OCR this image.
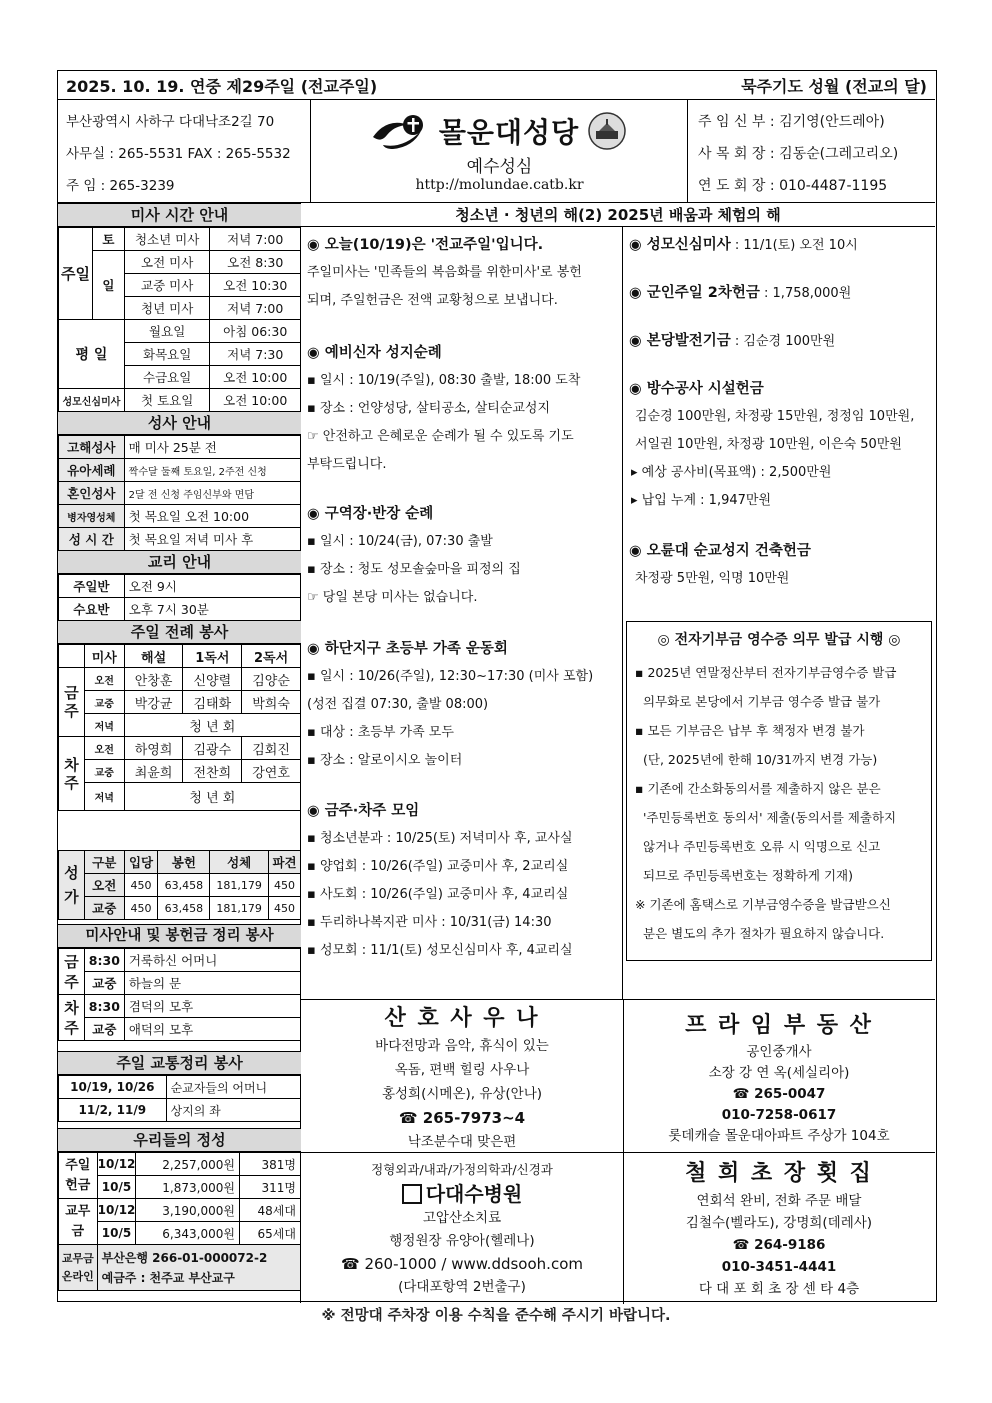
2025. 10. 19. 연중 제29주일 (전교주일)	묵주기도 성월 (전교의 달)
부산광역시 사하구 다대낙조2길 70
사무실 : 265-5531 FAX : 265-5532
주 임 : 265-3239
몰운대성당
예수성심
http://molundae.catb.kr
주 임 신 부 : 김기영(안드레아)
사 목 회 장 : 김동순(그레고리오)
연 도 회 장 : 010-4487-1195
미사 시간 안내
주일	토	청소년 미사	저녁 7:00
	일	오전 미사	오전 8:30
		교중 미사	오전 10:30
		청년 미사	저녁 7:00
평 일		월요일	아침 06:30
		화목요일	저녁 7:30
		수금요일	오전 10:00
성모신심미사		첫 토요일	오전 10:00
성사 안내
고해성사	매 미사 25분 전
유아세례	짝수달 둘째 토요일, 2주전 신청
혼인성사	2달 전 신청 주임신부와 면담
병자영성체	첫 목요일 오전 10:00
성 시 간	첫 목요일 저녁 미사 후
교리 안내
주일반	오전 9시
수요반	오후 7시 30분
주일 전례 봉사
	미사	해설	1독서	2독서
금주	오전	안창훈	신양렬	김양순
	교중	박강균	김태화	박희숙
	저녁	청 년 회		
차주	오전	하영희	김광수	김회진
	교중	최윤희	전찬희	강연호
	저녁	청 년 회		
성가	구분	입당	봉헌	성체	파견
	오전	450	63,458	181,179	450
	교중	450	63,458	181,179	450
미사안내 및 봉헌금 정리 봉사
금주	8:30	거룩하신 어머니
	교중	하늘의 문
차주	8:30	겸덕의 모후
	교중	애덕의 모후
주일 교통정리 봉사
10/19, 10/26	순교자들의 어머니
11/2, 11/9	상지의 좌
우리들의 정성
주일헌금	10/12	2,257,000원	381명
	10/5	1,873,000원	311명
교무금	10/12	3,190,000원	48세대
	10/5	6,343,000원	65세대
교무금 온라인	부산은행 266-01-000072-2
예금주 : 천주교 부산교구		
청소년 · 청년의 해(2) 2025년 배움과 체험의 해
◉ 오늘(10/19)은 '전교주일'입니다.
주일미사는 '민족들의 복음화를 위한미사'로 봉헌
되며, 주일헌금은 전액 교황청으로 보냅니다.
◉ 예비신자 성지순례
▪ 일시 : 10/19(주일), 08:30 출발, 18:00 도착
▪ 장소 : 언양성당, 살티공소, 살티순교성지
☞ 안전하고 은혜로운 순례가 될 수 있도록 기도
부탁드립니다.
◉ 구역장·반장 순례
▪ 일시 : 10/24(금), 07:30 출발
▪ 장소 : 청도 성모솔숲마을 피정의 집
☞ 당일 본당 미사는 없습니다.
◉ 하단지구 초등부 가족 운동회
▪ 일시 : 10/26(주일), 12:30~17:30 (미사 포함)
(성전 집결 07:30, 출발 08:00)
▪ 대상 : 초등부 가족 모두
▪ 장소 : 알로이시오 놀이터
◉ 금주·차주 모임
▪ 청소년분과 : 10/25(토) 저녁미사 후, 교사실
▪ 양업회 : 10/26(주일) 교중미사 후, 2교리실
▪ 사도회 : 10/26(주일) 교중미사 후, 4교리실
▪ 두리하나복지관 미사 : 10/31(금) 14:30
▪ 성모회 : 11/1(토) 성모신심미사 후, 4교리실
◉ 성모신심미사 : 11/1(토) 오전 10시
◉ 군인주일 2차헌금 : 1,758,000원
◉ 본당발전기금 : 김순경 100만원
◉ 방수공사 시설헌금
김순경 100만원, 차정광 15만원, 정정임 10만원,
서일권 10만원, 차정광 10만원, 이은숙 50만원
▸ 예상 공사비(목표액) : 2,500만원
▸ 납입 누계 : 1,947만원
◉ 오륜대 순교성지 건축헌금
차정광 5만원, 익명 10만원
◎ 전자기부금 영수증 의무 발급 시행 ◎
▪ 2025년 연말정산부터 전자기부금영수증 발급
의무화로 본당에서 기부금 영수증 발급 불가
▪ 모든 기부금은 납부 후 책정자 변경 불가
(단, 2025년에 한해 10/31까지 변경 가능)
▪ 기존에 간소화동의서를 제출하지 않은 분은
'주민등록번호 동의서' 제출(동의서를 제출하지
않거나 주민등록번호 오류 시 익명으로 신고
되므로 주민등록번호는 정확하게 기재)
※ 기존에 홈택스로 기부금영수증을 발급받으신
분은 별도의 추가 절차가 필요하지 않습니다.
산 호 사 우 나
바다전망과 음악, 휴식이 있는
옥돔, 편백 힐링 사우나
홍성희(시메온), 유상(안나)
☎ 265-7973~4
낙조분수대 맞은편
프 라 임 부 동 산
공인중개사
소장 강 연 옥(세실리아)
☎ 265-0047
010-7258-0617
롯데캐슬 몰운대아파트 주상가 104호
정형외과/내과/가정의학과/신경과
다대수병원
고압산소치료
행정원장 유양아(헬레나)
☎ 260-1000 / www.ddsooh.com
(다대포항역 2번출구)
철 희 초 장 횟 집
연회석 완비, 전화 주문 배달
김철수(벨라도), 강명희(데레사)
☎ 264-9186
010-3451-4441
다 대 포 회 초 장 센 타 4층
※ 전망대 주차장 이용 수칙을 준수해 주시기 바랍니다.
